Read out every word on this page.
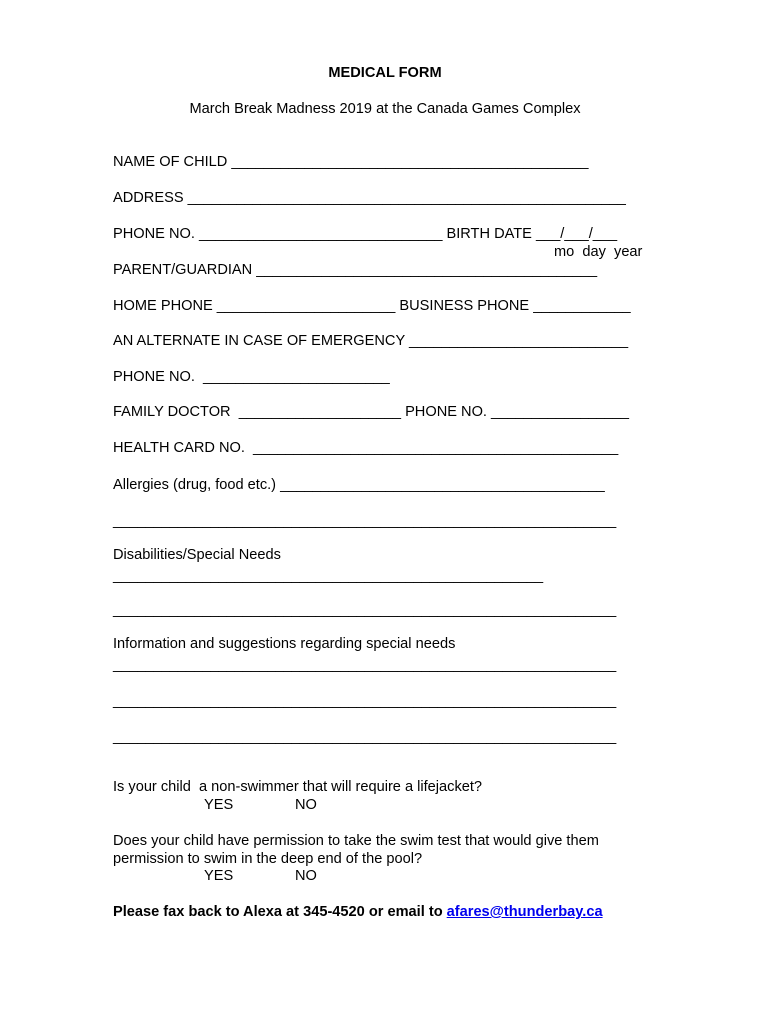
MEDICAL FORM
March Break Madness 2019 at the Canada Games Complex
NAME OF CHILD ____________________________________________
ADDRESS ______________________________________________________
PHONE NO. ______________________________ BIRTH DATE ___/___/___
mo  day  year
PARENT/GUARDIAN __________________________________________
HOME PHONE ______________________ BUSINESS PHONE ____________
AN ALTERNATE IN CASE OF EMERGENCY ___________________________
PHONE NO.  _______________________
FAMILY DOCTOR  ____________________ PHONE NO. _________________
HEALTH CARD NO.  _____________________________________________
Allergies (drug, food etc.) ________________________________________
______________________________________________________________
Disabilities/Special Needs
_____________________________________________________
______________________________________________________________
Information and suggestions regarding special needs
______________________________________________________________
______________________________________________________________
______________________________________________________________
Is your child  a non-swimmer that will require a lifejacket?
YES	NO
Does your child have permission to take the swim test that would give them
permission to swim in the deep end of the pool?
YES	NO
Please fax back to Alexa at 345-4520 or email to afares@thunderbay.ca
